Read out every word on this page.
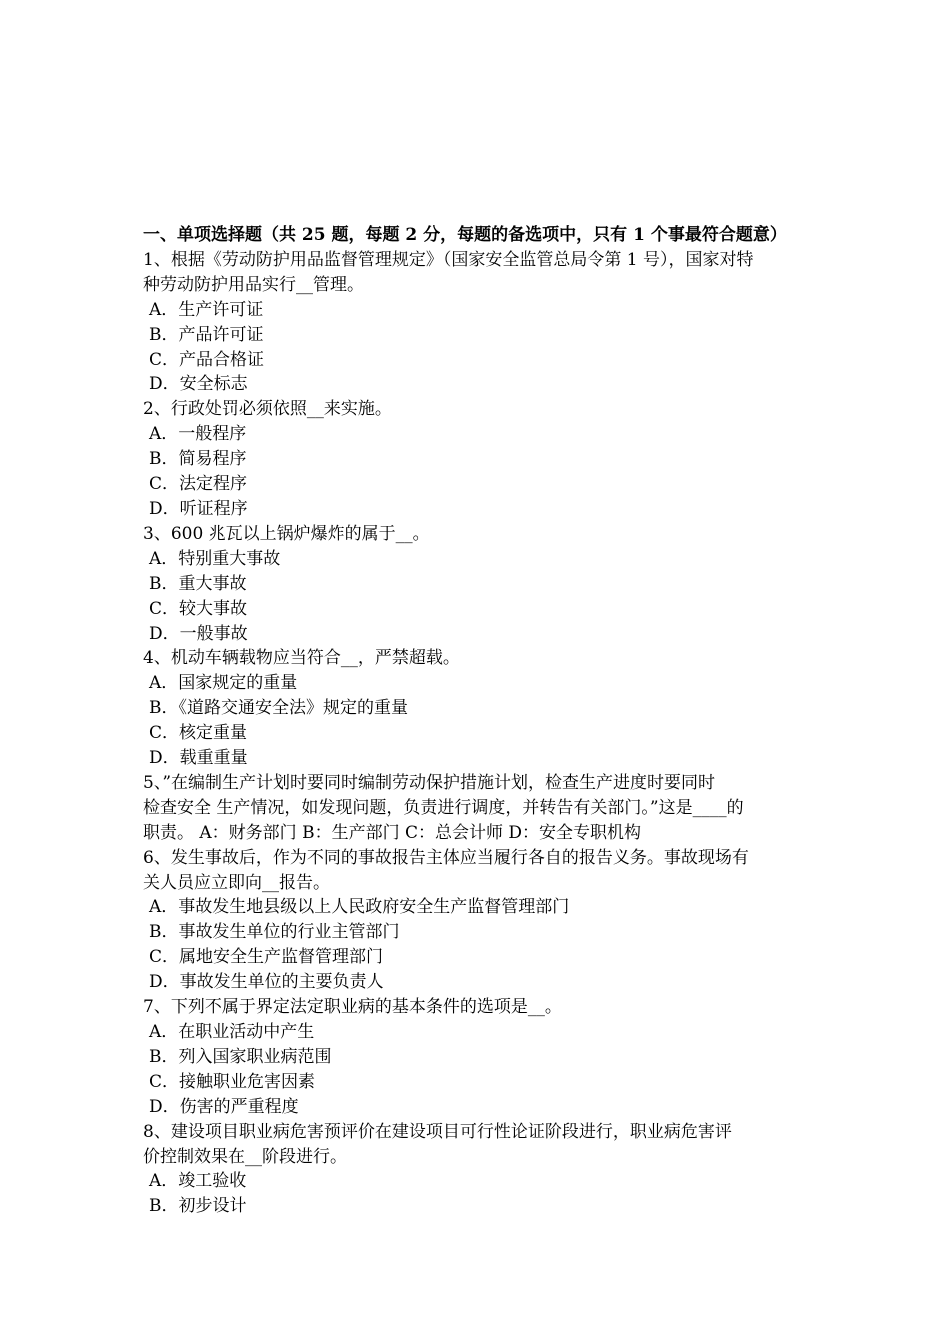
一、单项选择题（共 25 题，每题 2 分，每题的备选项中，只有 1 个事最符合题意）
1、根据《劳动防护用品监督管理规定》（国家安全监管总局令第 1 号），国家对特
种劳动防护用品实行__管理。
A．生产许可证
B．产品许可证
C．产品合格证
D．安全标志
2、行政处罚必须依照__来实施。
A．一般程序
B．简易程序
C．法定程序
D．听证程序
3、600 兆瓦以上锅炉爆炸的属于__。
A．特别重大事故
B．重大事故
C．较大事故
D．一般事故
4、机动车辆载物应当符合__，严禁超载。
A．国家规定的重量
B．《道路交通安全法》规定的重量
C．核定重量
D．载重重量
5、”在编制生产计划时要同时编制劳动保护措施计划，检查生产进度时要同时
检查安全 生产情况，如发现问题，负责进行调度，并转告有关部门。”这是____的
职责。 A：财务部门 B：生产部门 C：总会计师 D：安全专职机构
6、发生事故后，作为不同的事故报告主体应当履行各自的报告义务。事故现场有
关人员应立即向__报告。
A．事故发生地县级以上人民政府安全生产监督管理部门
B．事故发生单位的行业主管部门
C．属地安全生产监督管理部门
D．事故发生单位的主要负责人
7、下列不属于界定法定职业病的基本条件的选项是__。
A．在职业活动中产生
B．列入国家职业病范围
C．接触职业危害因素
D．伤害的严重程度
8、建设项目职业病危害预评价在建设项目可行性论证阶段进行，职业病危害评
价控制效果在__阶段进行。
A．竣工验收
B．初步设计
